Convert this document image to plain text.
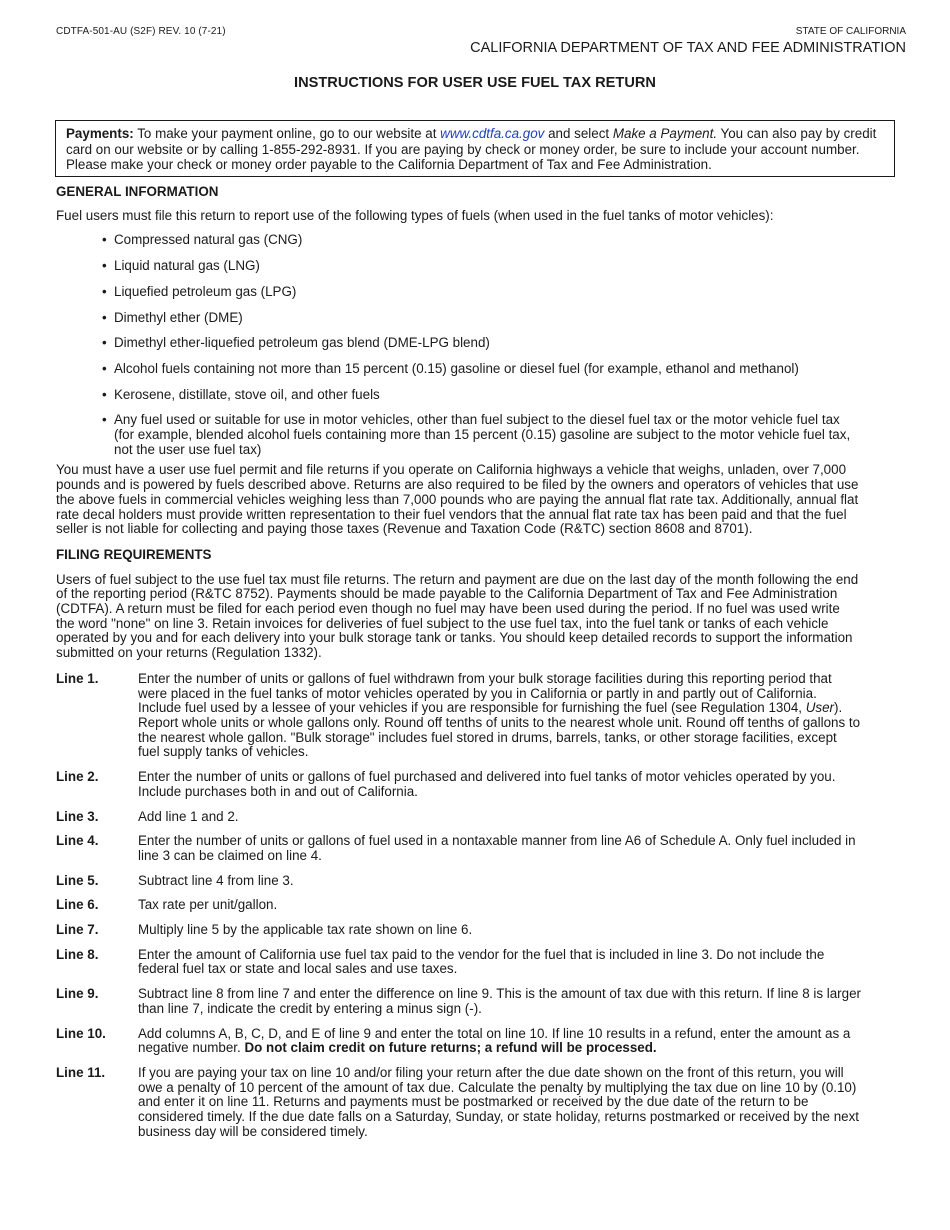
CDTFA-501-AU (S2F) REV. 10 (7-21)	STATE OF CALIFORNIA
CALIFORNIA DEPARTMENT OF TAX AND FEE ADMINISTRATION
INSTRUCTIONS FOR USER USE FUEL TAX RETURN
Payments: To make your payment online, go to our website at www.cdtfa.ca.gov and select Make a Payment. You can also pay by credit card on our website or by calling 1-855-292-8931. If you are paying by check or money order, be sure to include your account number. Please make your check or money order payable to the California Department of Tax and Fee Administration.
GENERAL INFORMATION
Fuel users must file this return to report use of the following types of fuels (when used in the fuel tanks of motor vehicles):
• Compressed natural gas (CNG)
• Liquid natural gas (LNG)
• Liquefied petroleum gas (LPG)
• Dimethyl ether (DME)
• Dimethyl ether-liquefied petroleum gas blend (DME-LPG blend)
• Alcohol fuels containing not more than 15 percent (0.15) gasoline or diesel fuel (for example, ethanol and methanol)
• Kerosene, distillate, stove oil, and other fuels
• Any fuel used or suitable for use in motor vehicles, other than fuel subject to the diesel fuel tax or the motor vehicle fuel tax (for example, blended alcohol fuels containing more than 15 percent (0.15) gasoline are subject to the motor vehicle fuel tax, not the user use fuel tax)
You must have a user use fuel permit and file returns if you operate on California highways a vehicle that weighs, unladen, over 7,000 pounds and is powered by fuels described above. Returns are also required to be filed by the owners and operators of vehicles that use the above fuels in commercial vehicles weighing less than 7,000 pounds who are paying the annual flat rate tax. Additionally, annual flat rate decal holders must provide written representation to their fuel vendors that the annual flat rate tax has been paid and that the fuel seller is not liable for collecting and paying those taxes (Revenue and Taxation Code (R&TC) section 8608 and 8701).
FILING REQUIREMENTS
Users of fuel subject to the use fuel tax must file returns. The return and payment are due on the last day of the month following the end of the reporting period (R&TC 8752). Payments should be made payable to the California Department of Tax and Fee Administration (CDTFA). A return must be filed for each period even though no fuel may have been used during the period. If no fuel was used write the word "none" on line 3. Retain invoices for deliveries of fuel subject to the use fuel tax, into the fuel tank or tanks of each vehicle operated by you and for each delivery into your bulk storage tank or tanks. You should keep detailed records to support the information submitted on your returns (Regulation 1332).
Line 1.	Enter the number of units or gallons of fuel withdrawn from your bulk storage facilities during this reporting period that were placed in the fuel tanks of motor vehicles operated by you in California or partly in and partly out of California. Include fuel used by a lessee of your vehicles if you are responsible for furnishing the fuel (see Regulation 1304, User). Report whole units or whole gallons only. Round off tenths of units to the nearest whole unit. Round off tenths of gallons to the nearest whole gallon. "Bulk storage" includes fuel stored in drums, barrels, tanks, or other storage facilities, except fuel supply tanks of vehicles.
Line 2.	Enter the number of units or gallons of fuel purchased and delivered into fuel tanks of motor vehicles operated by you. Include purchases both in and out of California.
Line 3.	Add line 1 and 2.
Line 4.	Enter the number of units or gallons of fuel used in a nontaxable manner from line A6 of Schedule A. Only fuel included in line 3 can be claimed on line 4.
Line 5.	Subtract line 4 from line 3.
Line 6.	Tax rate per unit/gallon.
Line 7.	Multiply line 5 by the applicable tax rate shown on line 6.
Line 8.	Enter the amount of California use fuel tax paid to the vendor for the fuel that is included in line 3. Do not include the federal fuel tax or state and local sales and use taxes.
Line 9.	Subtract line 8 from line 7 and enter the difference on line 9. This is the amount of tax due with this return. If line 8 is larger than line 7, indicate the credit by entering a minus sign (-).
Line 10.	Add columns A, B, C, D, and E of line 9 and enter the total on line 10. If line 10 results in a refund, enter the amount as a negative number. Do not claim credit on future returns; a refund will be processed.
Line 11.	If you are paying your tax on line 10 and/or filing your return after the due date shown on the front of this return, you will owe a penalty of 10 percent of the amount of tax due. Calculate the penalty by multiplying the tax due on line 10 by (0.10) and enter it on line 11. Returns and payments must be postmarked or received by the due date of the return to be considered timely. If the due date falls on a Saturday, Sunday, or state holiday, returns postmarked or received by the next business day will be considered timely.
